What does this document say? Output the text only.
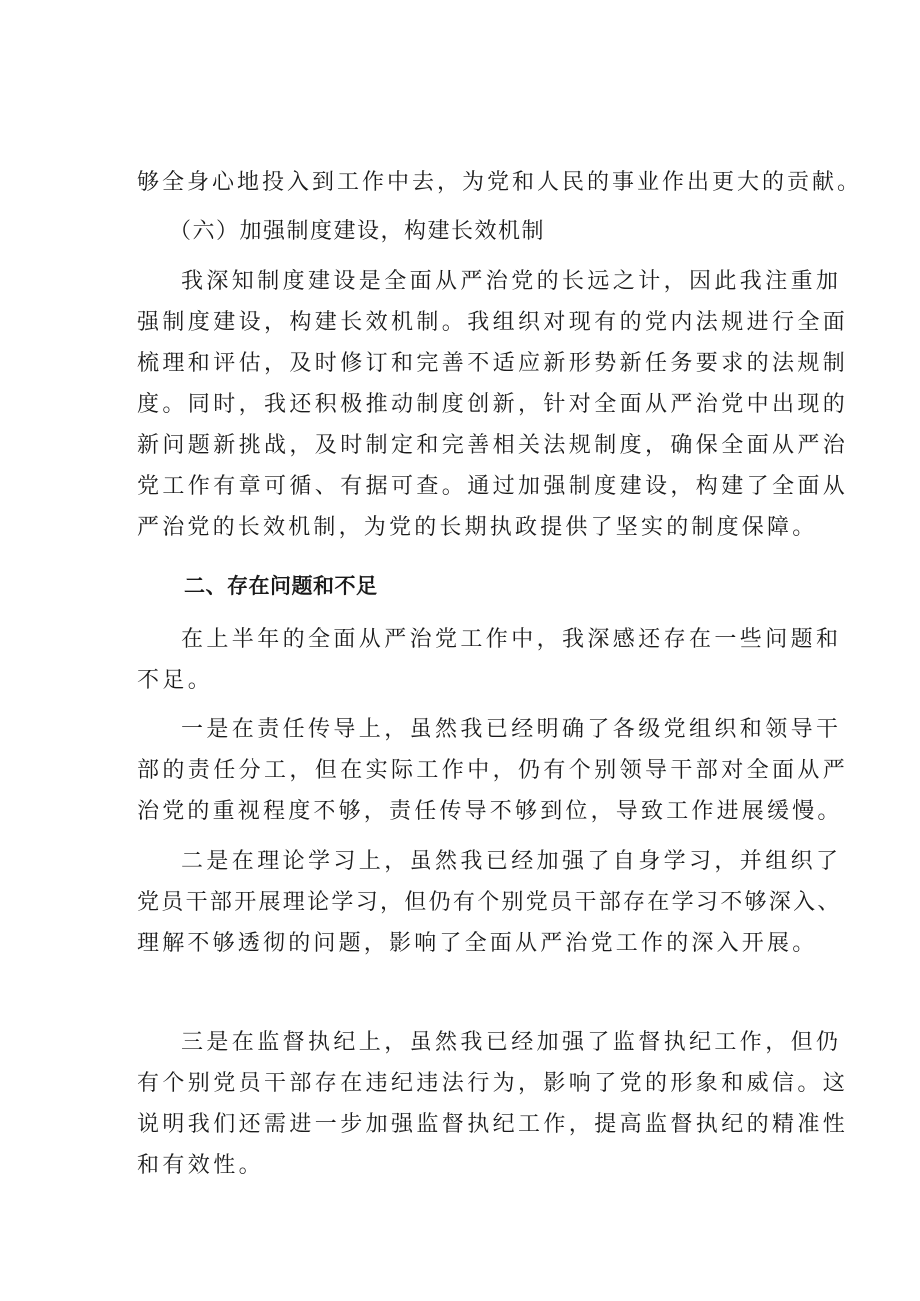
够全身心地投入到工作中去，为党和人民的事业作出更大的贡献。
（六）加强制度建设，构建长效机制
我深知制度建设是全面从严治党的长远之计，因此我注重加
强制度建设，构建长效机制。我组织对现有的党内法规进行全面
梳理和评估，及时修订和完善不适应新形势新任务要求的法规制
度。同时，我还积极推动制度创新，针对全面从严治党中出现的
新问题新挑战，及时制定和完善相关法规制度，确保全面从严治
党工作有章可循、有据可查。通过加强制度建设，构建了全面从
严治党的长效机制，为党的长期执政提供了坚实的制度保障。
二、存在问题和不足
在上半年的全面从严治党工作中，我深感还存在一些问题和
不足。
一是在责任传导上，虽然我已经明确了各级党组织和领导干
部的责任分工，但在实际工作中，仍有个别领导干部对全面从严
治党的重视程度不够，责任传导不够到位，导致工作进展缓慢。
二是在理论学习上，虽然我已经加强了自身学习，并组织了
党员干部开展理论学习，但仍有个别党员干部存在学习不够深入、
理解不够透彻的问题，影响了全面从严治党工作的深入开展。
三是在监督执纪上，虽然我已经加强了监督执纪工作，但仍
有个别党员干部存在违纪违法行为，影响了党的形象和威信。这
说明我们还需进一步加强监督执纪工作，提高监督执纪的精准性
和有效性。
